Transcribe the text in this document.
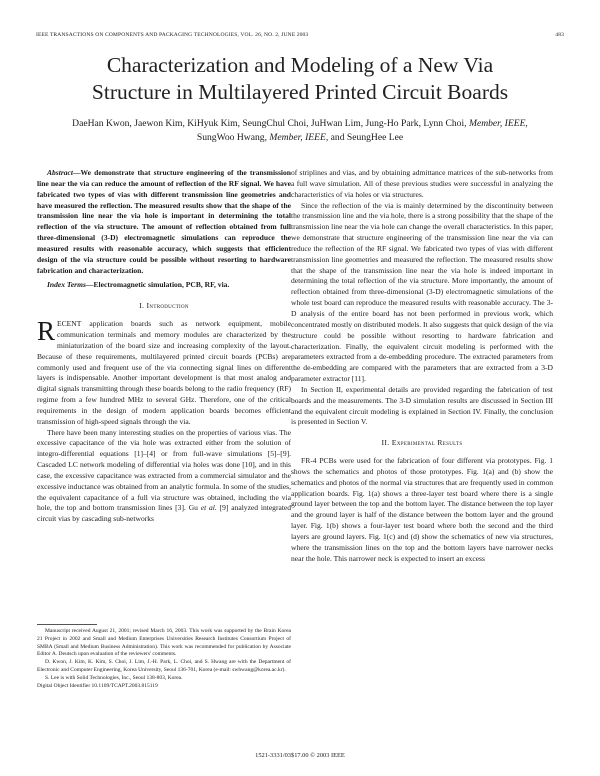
IEEE TRANSACTIONS ON COMPONENTS AND PACKAGING TECHNOLOGIES, VOL. 26, NO. 2, JUNE 2003	483
Characterization and Modeling of a New Via
Structure in Multilayered Printed Circuit Boards
DaeHan Kwon, Jaewon Kim, KiHyuk Kim, SeungChul Choi, JuHwan Lim, Jung-Ho Park, Lynn Choi, Member, IEEE,
SungWoo Hwang, Member, IEEE, and SeungHee Lee

Abstract—We demonstrate that structure engineering of the transmission line near the via can reduce the amount of reflection of the RF signal. We have fabricated two types of vias with different transmission line geometries and have measured the reflection. The measured results show that the shape of the transmission line near the via hole is important in determining the total reflection of the via structure. The amount of reflection obtained from full three-dimensional (3-D) electromagnetic simulations can reproduce the measured results with reasonable accuracy, which suggests that efficient design of the via structure could be possible without resorting to hardware fabrication and characterization.

Index Terms—Electromagnetic simulation, PCB, RF, via.

I. Introduction

RECENT application boards such as network equipment, mobile communication terminals and memory modules are characterized by the miniaturization of the board size and increasing complexity of the layout. Because of these requirements, multilayered printed circuit boards (PCBs) are commonly used and frequent use of the via connecting signal lines on different layers is indispensable. Another important development is that most analog and digital signals transmitting through these boards belong to the radio frequency (RF) regime from a few hundred MHz to several GHz. Therefore, one of the critical requirements in the design of modern application boards becomes efficient transmission of high-speed signals through the via.

There have been many interesting studies on the properties of various vias. The excessive capacitance of the via hole was extracted either from the solution of integro-differential equations [1]–[4] or from full-wave simulations [5]–[9]. Cascaded LC network modeling of differential via holes was done [10], and in this case, the excessive capacitance was extracted from a commercial simulator and the excessive inductance was obtained from an analytic formula. In some of the studies, the equivalent capacitance of a full via structure was obtained, including the via hole, the top and bottom transmission lines [3]. Gu et al. [9] analyzed integrated circuit vias by cascading sub-networks

of striplines and vias, and by obtaining admittance matrices of the sub-networks from a full wave simulation. All of these previous studies were successful in analyzing the characteristics of via holes or via structures.

Since the reflection of the via is mainly determined by the discontinuity between the transmission line and the via hole, there is a strong possibility that the shape of the transmission line near the via hole can change the overall characteristics. In this paper, we demonstrate that structure engineering of the transmission line near the via can reduce the reflection of the RF signal. We fabricated two types of vias with different transmission line geometries and measured the reflection. The measured results show that the shape of the transmission line near the via hole is indeed important in determining the total reflection of the via structure. More importantly, the amount of reflection obtained from three-dimensional (3-D) electromagnetic simulations of the whole test board can reproduce the measured results with reasonable accuracy. The 3-D analysis of the entire board has not been performed in previous work, which concentrated mostly on distributed models. It also suggests that quick design of the via structure could be possible without resorting to hardware fabrication and characterization. Finally, the equivalent circuit modeling is performed with the parameters extracted from a de-embedding procedure. The extracted parameters from the de-embedding are compared with the parameters that are extracted from a 3-D parameter extractor [11].

In Section II, experimental details are provided regarding the fabrication of test boards and the measurements. The 3-D simulation results are discussed in Section III and the equivalent circuit modeling is explained in Section IV. Finally, the conclusion is presented in Section V.

II. Experimental Results

FR-4 PCBs were used for the fabrication of four different via prototypes. Fig. 1 shows the schematics and photos of those prototypes. Fig. 1(a) and (b) show the schematics and photos of the normal via structures that are frequently used in common application boards. Fig. 1(a) shows a three-layer test board where there is a single ground layer between the top and the bottom layer. The distance between the top layer and the ground layer is half of the distance between the bottom layer and the ground layer. Fig. 1(b) shows a four-layer test board where both the second and the third layers are ground layers. Fig. 1(c) and (d) show the schematics of new via structures, where the transmission lines on the top and the bottom layers have narrower necks near the hole. This narrower neck is expected to insert an excess

Manuscript received August 21, 2001; revised March 16, 2003. This work was supported by the Brain Korea 21 Project in 2002 and Small and Medium Enterprises Universities Research Institutes Consortium Project of SMBA (Small and Medium Business Administration). This work was recommended for publication by Associate Editor A. Deutsch upon evaluation of the reviewers' comments.

D. Kwon, J. Kim, K. Kim, S. Choi, J. Lim, J.-H. Park, L. Choi, and S. Hwang are with the Department of Electronic and Computer Engineering, Korea University, Seoul 136-701, Korea (e-mail: swhwang@korea.ac.kr).

S. Lee is with Solid Technologies, Inc., Seoul 138-803, Korea.

Digital Object Identifier 10.1109/TCAPT.2003.815119

1521-3331/03$17.00 © 2003 IEEE
